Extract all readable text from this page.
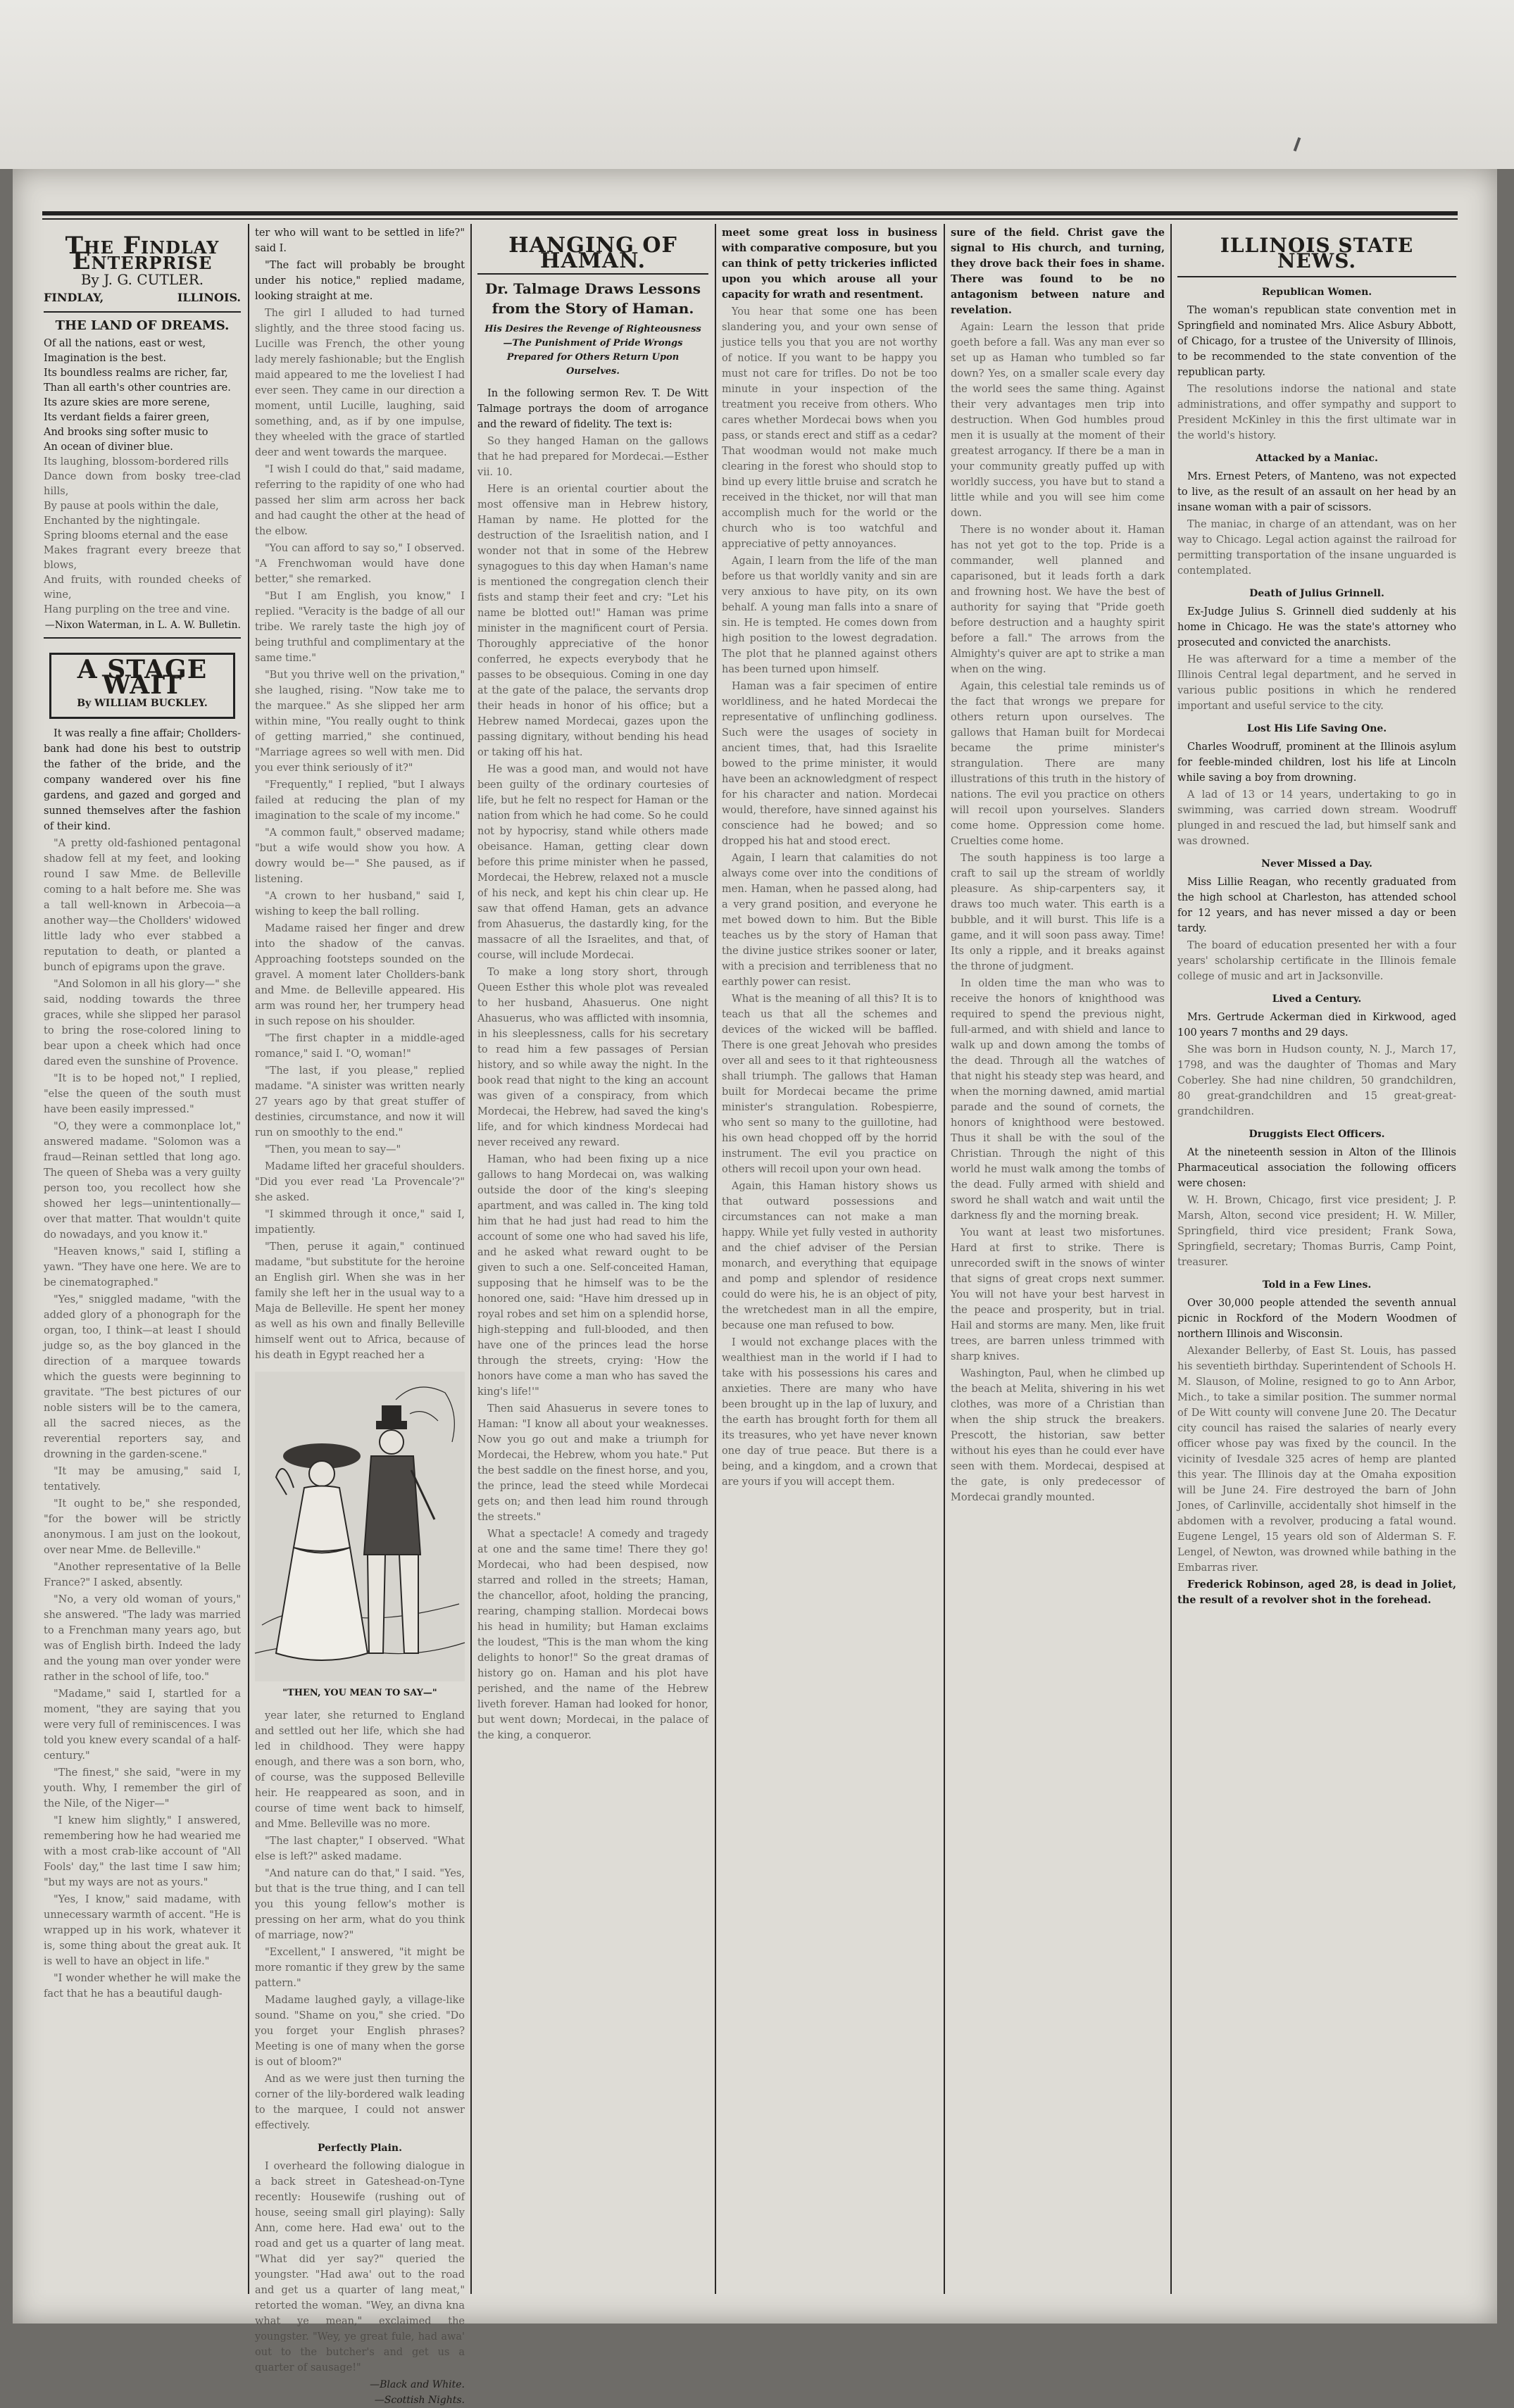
The Findlay Enterprise
By J. G. CUTLER.
FINDLAY,	ILLINOIS.
THE LAND OF DREAMS.
Of all the nations, east or west,
Imagination is the best.
Its boundless realms are richer, far,
Than all earth's other countries are.
Its azure skies are more serene,
Its verdant fields a fairer green,
And brooks sing softer music to
An ocean of diviner blue.
Its laughing, blossom-bordered rills
Dance down from bosky tree-clad hills,
By pause at pools within the dale,
Enchanted by the nightingale.
Spring blooms eternal and the ease
Makes fragrant every breeze that blows,
And fruits, with rounded cheeks of wine,
Hang purpling on the tree and vine.
—Nixon Waterman, in L. A. W. Bulletin.
A STAGE WAIT
By WILLIAM BUCKLEY.

It was really a fine affair; Chollders-bank had done his best to outstrip the father of the bride, and the company wandered over his fine gardens, and gazed and gorged and sunned themselves after the fashion of their kind.

"A pretty old-fashioned pentagonal shadow fell at my feet, and looking round I saw Mme. de Belleville coming to a halt before me. She was a tall well-known in Arbecoia—a another way—the Chollders' widowed little lady who ever stabbed a reputation to death, or planted a bunch of epigrams upon the grave.

"And Solomon in all his glory—" she said, nodding towards the three graces, while she slipped her parasol to bring the rose-colored lining to bear upon a cheek which had once dared even the sunshine of Provence.

"It is to be hoped not," I replied, "else the queen of the south must have been easily impressed."

"O, they were a commonplace lot," answered madame. "Solomon was a fraud—Reinan settled that long ago. The queen of Sheba was a very guilty person too, you recollect how she showed her legs—unintentionally—over that matter. That wouldn't quite do nowadays, and you know it."

"Heaven knows," said I, stifling a yawn. "They have one here. We are to be cinematographed."

"Yes," sniggled madame, "with the added glory of a phonograph for the organ, too, I think—at least I should judge so, as the boy glanced in the direction of a marquee towards which the guests were beginning to gravitate. "The best pictures of our noble sisters will be to the camera, all the sacred nieces, as the reverential reporters say, and drowning in the garden-scene."

"It may be amusing," said I, tentatively.

"It ought to be," she responded, "for the bower will be strictly anonymous. I am just on the lookout, over near Mme. de Belleville."

"Another representative of la Belle France?" I asked, absently.

"No, a very old woman of yours," she answered. "The lady was married to a Frenchman many years ago, but was of English birth. Indeed the lady and the young man over yonder were rather in the school of life, too."

"Madame," said I, startled for a moment, "they are saying that you were very full of reminiscences. I was told you knew every scandal of a half-century."

"The finest," she said, "were in my youth. Why, I remember the girl of the Nile, of the Niger—"

"I knew him slightly," I answered, remembering how he had wearied me with a most crab-like account of "All Fools' day," the last time I saw him; "but my ways are not as yours."

"Yes, I know," said madame, with unnecessary warmth of accent. "He is wrapped up in his work, whatever it is, some thing about the great auk. It is well to have an object in life."

"I wonder whether he will make the fact that he has a beautiful daugh-

ter who will want to be settled in life?" said I.

"The fact will probably be brought under his notice," replied madame, looking straight at me.

The girl I alluded to had turned slightly, and the three stood facing us. Lucille was French, the other young lady merely fashionable; but the English maid appeared to me the loveliest I had ever seen. They came in our direction a moment, until Lucille, laughing, said something, and, as if by one impulse, they wheeled with the grace of startled deer and went towards the marquee.

"I wish I could do that," said madame, referring to the rapidity of one who had passed her slim arm across her back and had caught the other at the head of the elbow.

"You can afford to say so," I observed. "A Frenchwoman would have done better," she remarked.

"But I am English, you know," I replied. "Veracity is the badge of all our tribe. We rarely taste the high joy of being truthful and complimentary at the same time."

"But you thrive well on the privation," she laughed, rising. "Now take me to the marquee." As she slipped her arm within mine, "You really ought to think of getting married," she continued, "Marriage agrees so well with men. Did you ever think seriously of it?"

"Frequently," I replied, "but I always failed at reducing the plan of my imagination to the scale of my income."

"A common fault," observed madame; "but a wife would show you how. A dowry would be—" She paused, as if listening.

"A crown to her husband," said I, wishing to keep the ball rolling.

Madame raised her finger and drew into the shadow of the canvas. Approaching footsteps sounded on the gravel. A moment later Chollders-bank and Mme. de Belleville appeared. His arm was round her, her trumpery head in such repose on his shoulder.

"The first chapter in a middle-aged romance," said I. "O, woman!"

"The last, if you please," replied madame. "A sinister was written nearly 27 years ago by that great stuffer of destinies, circumstance, and now it will run on smoothly to the end."

"Then, you mean to say—"

Madame lifted her graceful shoulders. "Did you ever read 'La Provencale'?" she asked.

"I skimmed through it once," said I, impatiently.

"Then, peruse it again," continued madame, "but substitute for the heroine an English girl. When she was in her family she left her in the usual way to a Maja de Belleville. He spent her money as well as his own and finally Belleville himself went out to Africa, because of his death in Egypt reached her a

"THEN, YOU MEAN TO SAY—"

year later, she returned to England and settled out her life, which she had led in childhood. They were happy enough, and there was a son born, who, of course, was the supposed Belleville heir. He reappeared as soon, and in course of time went back to himself, and Mme. Belleville was no more.

"The last chapter," I observed. "What else is left?" asked madame.

"And nature can do that," I said. "Yes, but that is the true thing, and I can tell you this young fellow's mother is pressing on her arm, what do you think of marriage, now?"

"Excellent," I answered, "it might be more romantic if they grew by the same pattern."

Madame laughed gayly, a village-like sound. "Shame on you," she cried. "Do you forget your English phrases? Meeting is one of many when the gorse is out of bloom?"

And as we were just then turning the corner of the lily-bordered walk leading to the marquee, I could not answer effectively.

Perfectly Plain.

I overheard the following dialogue in a back street in Gateshead-on-Tyne recently: Housewife (rushing out of house, seeing small girl playing): Sally Ann, come here. Had ewa' out to the road and get us a quarter of lang meat. "What did yer say?" queried the youngster. "Had awa' out to the road and get us a quarter of lang meat," retorted the woman. "Wey, an divna kna what ye mean," exclaimed the youngster. "Wey, ye great fule, had awa' out to the butcher's and get us a quarter of sausage!"

—Black and White.
—Scottish Nights.
HANGING OF HAMAN.
Dr. Talmage Draws Lessons from the Story of Haman.
His Desires the Revenge of Righteousness—The Punishment of Pride Wrongs Prepared for Others Return Upon Ourselves.

In the following sermon Rev. T. De Witt Talmage portrays the doom of arrogance and the reward of fidelity. The text is:

So they hanged Haman on the gallows that he had prepared for Mordecai.—Esther vii. 10.

Here is an oriental courtier about the most offensive man in Hebrew history, Haman by name. He plotted for the destruction of the Israelitish nation, and I wonder not that in some of the Hebrew synagogues to this day when Haman's name is mentioned the congregation clench their fists and stamp their feet and cry: "Let his name be blotted out!" Haman was prime minister in the magnificent court of Persia. Thoroughly appreciative of the honor conferred, he expects everybody that he passes to be obsequious. Coming in one day at the gate of the palace, the servants drop their heads in honor of his office; but a Hebrew named Mordecai, gazes upon the passing dignitary, without bending his head or taking off his hat.

He was a good man, and would not have been guilty of the ordinary courtesies of life, but he felt no respect for Haman or the nation from which he had come. So he could not by hypocrisy, stand while others made obeisance. Haman, getting clear down before this prime minister when he passed, Mordecai, the Hebrew, relaxed not a muscle of his neck, and kept his chin clear up. He saw that offend Haman, gets an advance from Ahasuerus, the dastardly king, for the massacre of all the Israelites, and that, of course, will include Mordecai.

To make a long story short, through Queen Esther this whole plot was revealed to her husband, Ahasuerus. One night Ahasuerus, who was afflicted with insomnia, in his sleeplessness, calls for his secretary to read him a few passages of Persian history, and so while away the night. In the book read that night to the king an account was given of a conspiracy, from which Mordecai, the Hebrew, had saved the king's life, and for which kindness Mordecai had never received any reward.

Haman, who had been fixing up a nice gallows to hang Mordecai on, was walking outside the door of the king's sleeping apartment, and was called in. The king told him that he had just had read to him the account of some one who had saved his life, and he asked what reward ought to be given to such a one. Self-conceited Haman, supposing that he himself was to be the honored one, said: "Have him dressed up in royal robes and set him on a splendid horse, high-stepping and full-blooded, and then have one of the princes lead the horse through the streets, crying: 'How the honors have come a man who has saved the king's life!'"

Then said Ahasuerus in severe tones to Haman: "I know all about your weaknesses. Now you go out and make a triumph for Mordecai, the Hebrew, whom you hate." Put the best saddle on the finest horse, and you, the prince, lead the steed while Mordecai gets on; and then lead him round through the streets."

What a spectacle! A comedy and tragedy at one and the same time! There they go! Mordecai, who had been despised, now starred and rolled in the streets; Haman, the chancellor, afoot, holding the prancing, rearing, champing stallion. Mordecai bows his head in humility; but Haman exclaims the loudest, "This is the man whom the king delights to honor!" So the great dramas of history go on. Haman and his plot have perished, and the name of the Hebrew liveth forever. Haman had looked for honor, but went down; Mordecai, in the palace of the king, a conqueror.

meet some great loss in business with comparative composure, but you can think of petty trickeries inflicted upon you which arouse all your capacity for wrath and resentment.

You hear that some one has been slandering you, and your own sense of justice tells you that you are not worthy of notice. If you want to be happy you must not care for trifles. Do not be too minute in your inspection of the treatment you receive from others. Who cares whether Mordecai bows when you pass, or stands erect and stiff as a cedar? That woodman would not make much clearing in the forest who should stop to bind up every little bruise and scratch he received in the thicket, nor will that man accomplish much for the world or the church who is too watchful and appreciative of petty annoyances.

Again, I learn from the life of the man before us that worldly vanity and sin are very anxious to have pity, on its own behalf. A young man falls into a snare of sin. He is tempted. He comes down from high position to the lowest degradation. The plot that he planned against others has been turned upon himself.

Haman was a fair specimen of entire worldliness, and he hated Mordecai the representative of unflinching godliness. Such were the usages of society in ancient times, that, had this Israelite bowed to the prime minister, it would have been an acknowledgment of respect for his character and nation. Mordecai would, therefore, have sinned against his conscience had he bowed; and so dropped his hat and stood erect.

Again, I learn that calamities do not always come over into the conditions of men. Haman, when he passed along, had a very grand position, and everyone he met bowed down to him. But the Bible teaches us by the story of Haman that the divine justice strikes sooner or later, with a precision and terribleness that no earthly power can resist.

What is the meaning of all this? It is to teach us that all the schemes and devices of the wicked will be baffled. There is one great Jehovah who presides over all and sees to it that righteousness shall triumph. The gallows that Haman built for Mordecai became the prime minister's strangulation. Robespierre, who sent so many to the guillotine, had his own head chopped off by the horrid instrument. The evil you practice on others will recoil upon your own head.

Again, this Haman history shows us that outward possessions and circumstances can not make a man happy. While yet fully vested in authority and the chief adviser of the Persian monarch, and everything that equipage and pomp and splendor of residence could do were his, he is an object of pity, the wretchedest man in all the empire, because one man refused to bow.

I would not exchange places with the wealthiest man in the world if I had to take with his possessions his cares and anxieties. There are many who have been brought up in the lap of luxury, and the earth has brought forth for them all its treasures, who yet have never known one day of true peace. But there is a being, and a kingdom, and a crown that are yours if you will accept them.

sure of the field. Christ gave the signal to His church, and turning, they drove back their foes in shame. There was found to be no antagonism between nature and revelation.

Again: Learn the lesson that pride goeth before a fall. Was any man ever so set up as Haman who tumbled so far down? Yes, on a smaller scale every day the world sees the same thing. Against their very advantages men trip into destruction. When God humbles proud men it is usually at the moment of their greatest arrogancy. If there be a man in your community greatly puffed up with worldly success, you have but to stand a little while and you will see him come down.

There is no wonder about it. Haman has not yet got to the top. Pride is a commander, well planned and caparisoned, but it leads forth a dark and frowning host. We have the best of authority for saying that "Pride goeth before destruction and a haughty spirit before a fall." The arrows from the Almighty's quiver are apt to strike a man when on the wing.

Again, this celestial tale reminds us of the fact that wrongs we prepare for others return upon ourselves. The gallows that Haman built for Mordecai became the prime minister's strangulation. There are many illustrations of this truth in the history of nations. The evil you practice on others will recoil upon yourselves. Slanders come home. Oppression come home. Cruelties come home.

The south happiness is too large a craft to sail up the stream of worldly pleasure. As ship-carpenters say, it draws too much water. This earth is a bubble, and it will burst. This life is a game, and it will soon pass away. Time! Its only a ripple, and it breaks against the throne of judgment.

In olden time the man who was to receive the honors of knighthood was required to spend the previous night, full-armed, and with shield and lance to walk up and down among the tombs of the dead. Through all the watches of that night his steady step was heard, and when the morning dawned, amid martial parade and the sound of cornets, the honors of knighthood were bestowed. Thus it shall be with the soul of the Christian. Through the night of this world he must walk among the tombs of the dead. Fully armed with shield and sword he shall watch and wait until the darkness fly and the morning break.

You want at least two misfortunes. Hard at first to strike. There is unrecorded swift in the snows of winter that signs of great crops next summer. You will not have your best harvest in the peace and prosperity, but in trial. Hail and storms are many. Men, like fruit trees, are barren unless trimmed with sharp knives.

Washington, Paul, when he climbed up the beach at Melita, shivering in his wet clothes, was more of a Christian than when the ship struck the breakers. Prescott, the historian, saw better without his eyes than he could ever have seen with them. Mordecai, despised at the gate, is only predecessor of Mordecai grandly mounted.

ILLINOIS STATE NEWS.
Republican Women.

The woman's republican state convention met in Springfield and nominated Mrs. Alice Asbury Abbott, of Chicago, for a trustee of the University of Illinois, to be recommended to the state convention of the republican party.

The resolutions indorse the national and state administrations, and offer sympathy and support to President McKinley in this the first ultimate war in the world's history.

Attacked by a Maniac.

Mrs. Ernest Peters, of Manteno, was not expected to live, as the result of an assault on her head by an insane woman with a pair of scissors.

The maniac, in charge of an attendant, was on her way to Chicago. Legal action against the railroad for permitting transportation of the insane unguarded is contemplated.

Death of Julius Grinnell.

Ex-Judge Julius S. Grinnell died suddenly at his home in Chicago. He was the state's attorney who prosecuted and convicted the anarchists.

He was afterward for a time a member of the Illinois Central legal department, and he served in various public positions in which he rendered important and useful service to the city.

Lost His Life Saving One.

Charles Woodruff, prominent at the Illinois asylum for feeble-minded children, lost his life at Lincoln while saving a boy from drowning.

A lad of 13 or 14 years, undertaking to go in swimming, was carried down stream. Woodruff plunged in and rescued the lad, but himself sank and was drowned.

Never Missed a Day.

Miss Lillie Reagan, who recently graduated from the high school at Charleston, has attended school for 12 years, and has never missed a day or been tardy.

The board of education presented her with a four years' scholarship certificate in the Illinois female college of music and art in Jacksonville.

Lived a Century.

Mrs. Gertrude Ackerman died in Kirkwood, aged 100 years 7 months and 29 days.

She was born in Hudson county, N. J., March 17, 1798, and was the daughter of Thomas and Mary Coberley. She had nine children, 50 grandchildren, 80 great-grandchildren and 15 great-great-grandchildren.

Druggists Elect Officers.

At the nineteenth session in Alton of the Illinois Pharmaceutical association the following officers were chosen:

W. H. Brown, Chicago, first vice president; J. P. Marsh, Alton, second vice president; H. W. Miller, Springfield, third vice president; Frank Sowa, Springfield, secretary; Thomas Burris, Camp Point, treasurer.

Told in a Few Lines.

Over 30,000 people attended the seventh annual picnic in Rockford of the Modern Woodmen of northern Illinois and Wisconsin.

Alexander Bellerby, of East St. Louis, has passed his seventieth birthday. Superintendent of Schools H. M. Slauson, of Moline, resigned to go to Ann Arbor, Mich., to take a similar position. The summer normal of De Witt county will convene June 20. The Decatur city council has raised the salaries of nearly every officer whose pay was fixed by the council. In the vicinity of Ivesdale 325 acres of hemp are planted this year. The Illinois day at the Omaha exposition will be June 24. Fire destroyed the barn of John Jones, of Carlinville, accidentally shot himself in the abdomen with a revolver, producing a fatal wound. Eugene Lengel, 15 years old son of Alderman S. F. Lengel, of Newton, was drowned while bathing in the Embarras river.

Frederick Robinson, aged 28, is dead in Joliet, the result of a revolver shot in the forehead.
